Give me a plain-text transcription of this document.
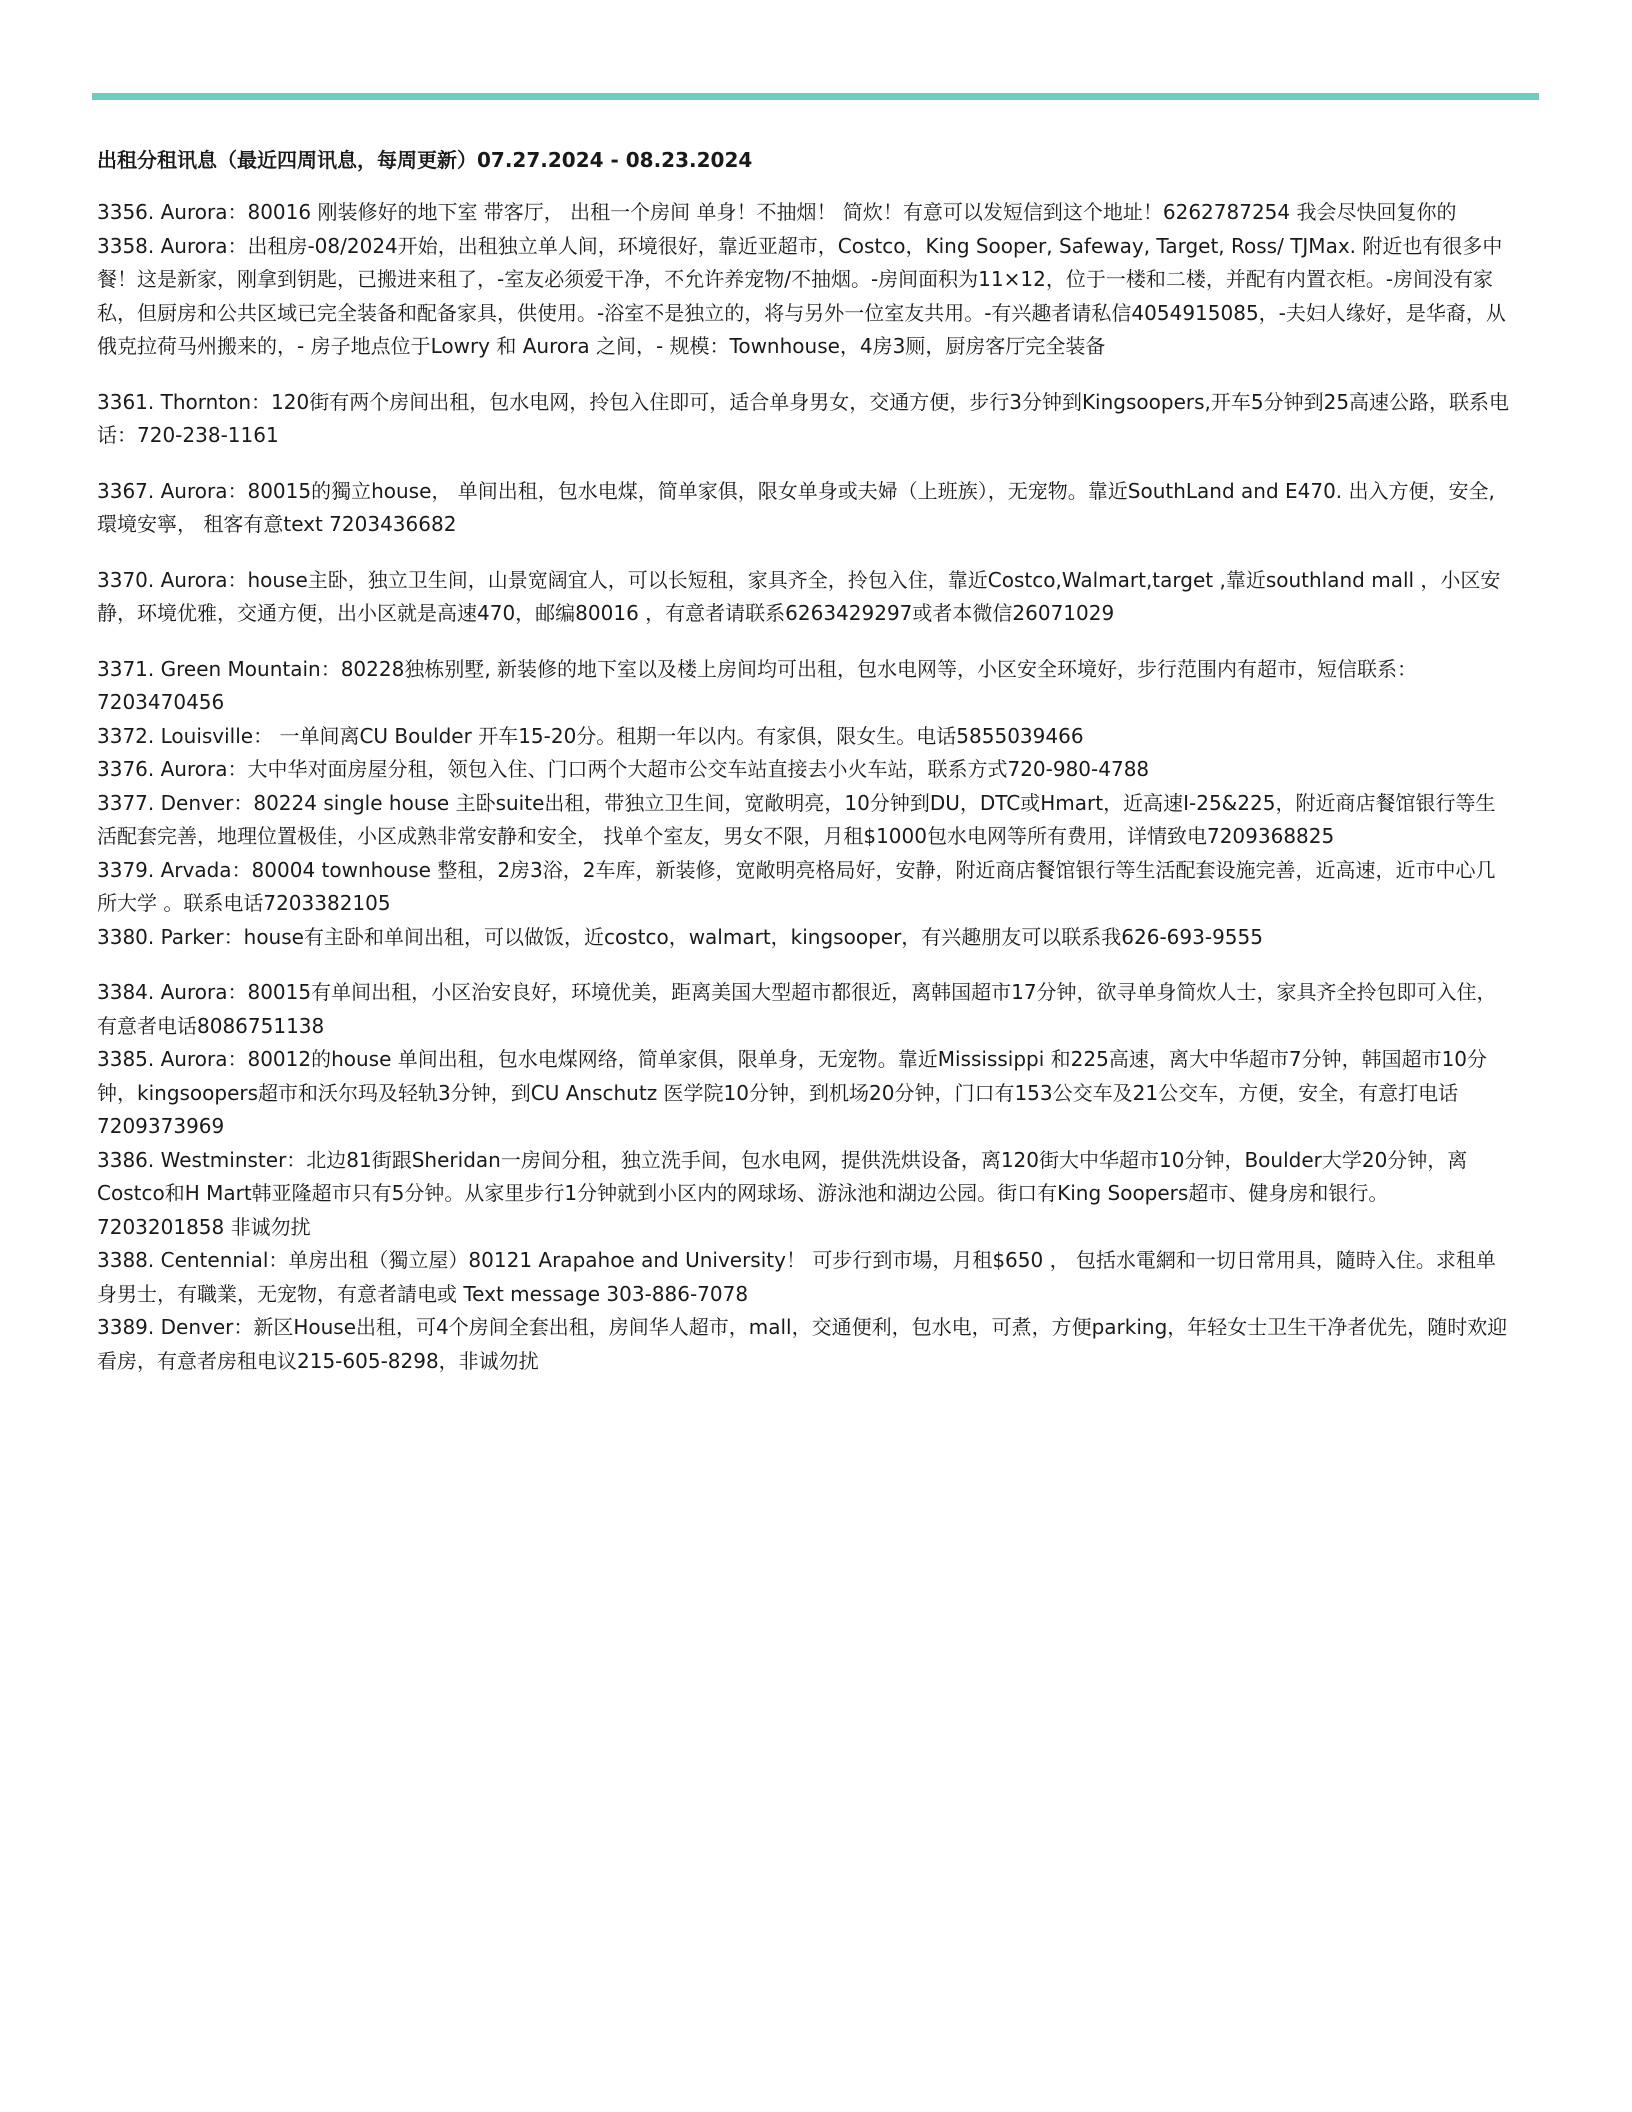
出租分租讯息（最近四周讯息，每周更新）07.27.2024 - 08.23.2024

3356. Aurora：80016 刚装修好的地下室 带客厅， 出租一个房间 单身！不抽烟！ 简炊！有意可以发短信到这个地址！6262787254 我会尽快回复你的

3358. Aurora：出租房-08/2024开始，出租独立单人间，环境很好，靠近亚超市，Costco，King Sooper, Safeway, Target, Ross/ TJMax. 附近也有很多中餐！这是新家，刚拿到钥匙，已搬进来租了，-室友必须爱干净，不允许养宠物/不抽烟。-房间面积为11×12，位于一楼和二楼，并配有内置衣柜。-房间没有家私，但厨房和公共区域已完全装备和配备家具，供使用。-浴室不是独立的，将与另外一位室友共用。-有兴趣者请私信4054915085，-夫妇人缘好，是华裔，从俄克拉荷马州搬来的，- 房子地点位于Lowry 和 Aurora 之间，- 规模：Townhouse，4房3厕，厨房客厅完全装备

3361. Thornton：120街有两个房间出租，包水电网，拎包入住即可，适合单身男女，交通方便，步行3分钟到Kingsoopers,开车5分钟到25高速公路，联系电话：720-238-1161

3367. Aurora：80015的獨立house， 单间出租，包水电煤，简单家俱，限女单身或夫婦（上班族），无宠物。靠近SouthLand and E470. 出入方便，安全, 環境安寧， 租客有意text 7203436682

3370. Aurora：house主卧，独立卫生间，山景宽阔宜人，可以长短租，家具齐全，拎包入住，靠近Costco,Walmart,target ,靠近southland mall ，小区安静，环境优雅，交通方便，出小区就是高速470，邮编80016 ，有意者请联系6263429297或者本微信26071029

3371. Green Mountain：80228独栋别墅, 新装修的地下室以及楼上房间均可出租，包水电网等，小区安全环境好，步行范围内有超市，短信联系：7203470456

3372. Louisville： 一单间离CU Boulder 开车15-20分。租期一年以内。有家俱，限女生。电话5855039466

3376. Aurora：大中华对面房屋分租，领包入住、门口两个大超市公交车站直接去小火车站，联系方式720-980-4788

3377. Denver：80224 single house 主卧suite出租，带独立卫生间，宽敞明亮，10分钟到DU，DTC或Hmart，近高速I-25&225，附近商店餐馆银行等生活配套完善，地理位置极佳，小区成熟非常安静和安全， 找单个室友，男女不限，月租$1000包水电网等所有费用，详情致电7209368825

3379. Arvada：80004 townhouse 整租，2房3浴，2车库，新装修，宽敞明亮格局好，安静，附近商店餐馆银行等生活配套设施完善，近高速，近市中心几所大学 。联系电话7203382105

3380. Parker：house有主卧和单间出租，可以做饭，近costco，walmart，kingsooper，有兴趣朋友可以联系我626-693-9555

3384. Aurora：80015有单间出租，小区治安良好，环境优美，距离美国大型超市都很近，离韩国超市17分钟，欲寻单身简炊人士，家具齐全拎包即可入住，有意者电话8086751138

3385. Aurora：80012的house 单间出租，包水电煤网络，简单家俱，限单身，无宠物。靠近Mississippi 和225高速，离大中华超市7分钟，韩国超市10分钟，kingsoopers超市和沃尔玛及轻轨3分钟，到CU Anschutz 医学院10分钟，到机场20分钟，门口有153公交车及21公交车，方便，安全，有意打电话7209373969

3386. Westminster：北边81街跟Sheridan一房间分租，独立洗手间，包水电网，提供洗烘设备，离120街大中华超市10分钟，Boulder大学20分钟，离Costco和H Mart韩亚隆超市只有5分钟。从家里步行1分钟就到小区内的网球场、游泳池和湖边公园。街口有King Soopers超市、健身房和银行。7203201858 非诚勿扰

3388. Centennial：单房出租（獨立屋）80121 Arapahoe and University！ 可步行到市場，月租$650 ， 包括水電網和一切日常用具，隨時入住。求租单身男士，有職業，无宠物，有意者請电或 Text message 303-886-7078

3389. Denver：新区House出租，可4个房间全套出租，房间华人超市，mall，交通便利，包水电，可煮，方便parking，年轻女士卫生干净者优先，随时欢迎看房，有意者房租电议215-605-8298，非诚勿扰
